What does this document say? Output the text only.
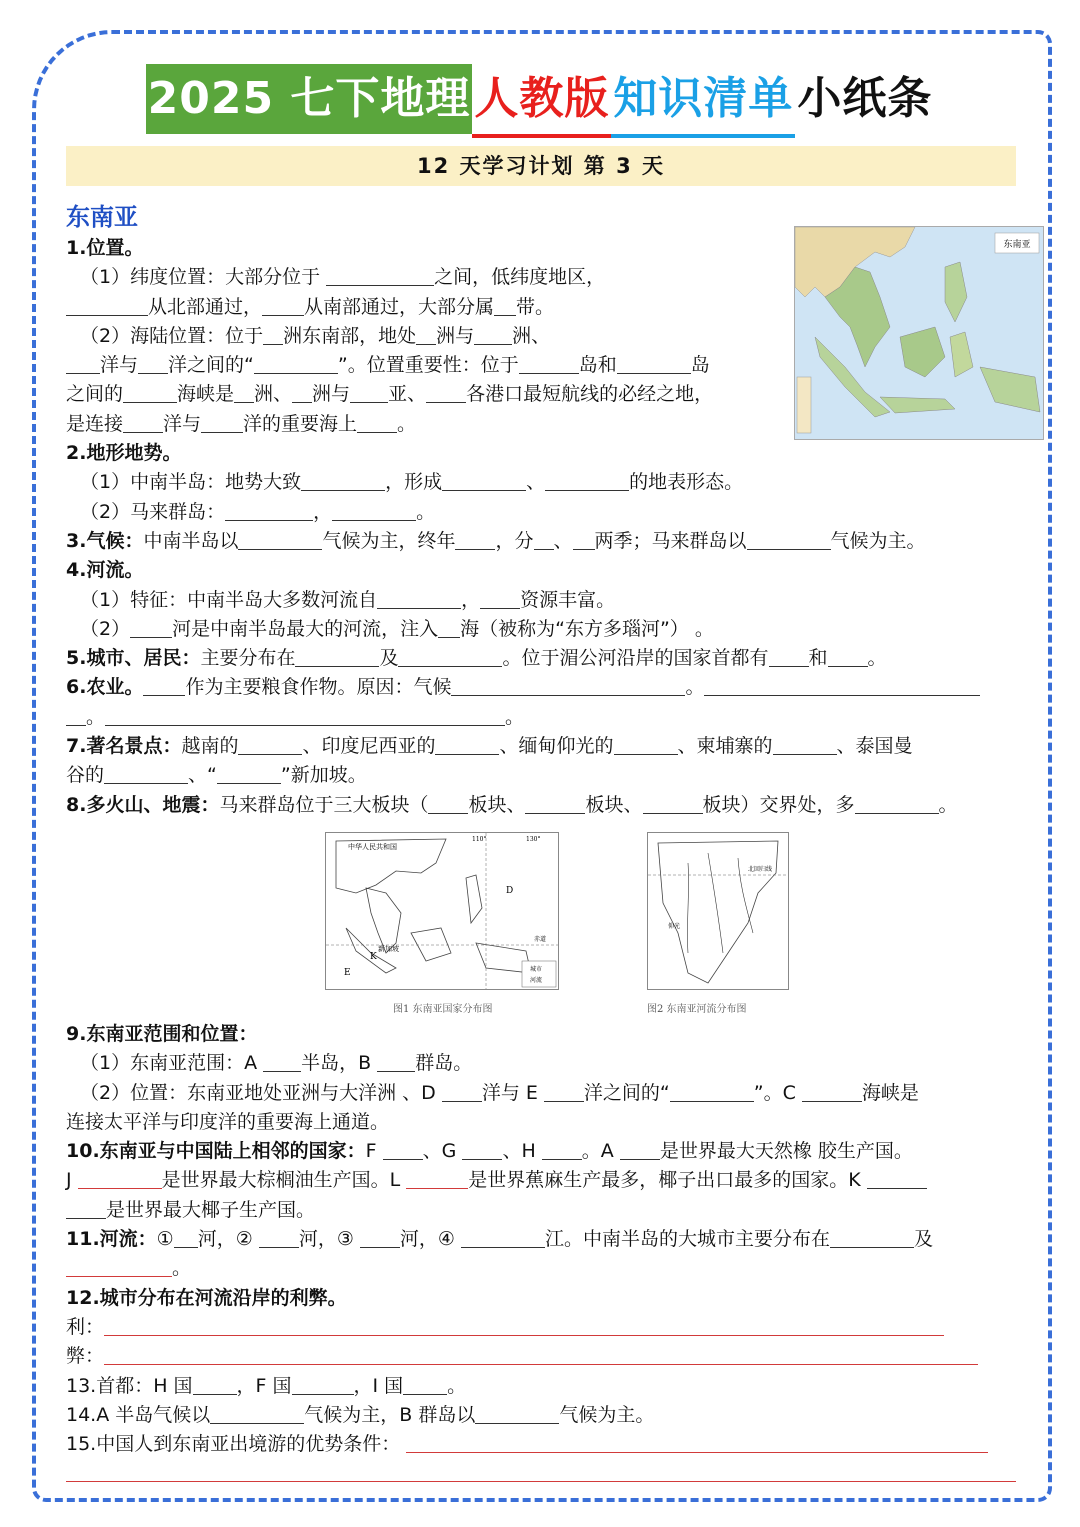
2025 七下地理人教版知识清单小纸条
12 天学习计划 第 3 天
东南亚
东南亚
1.位置。
（1）纬度位置：大部分位于	之间，低纬度地区，
从北部通过， 从南部通过，大部分属 带。
（2）海陆位置：位于 洲东南部，地处 洲与 洲、
洋与 洋之间的“	”。位置重要性：位于	岛和	岛
之间的	海峡是 洲、 洲与 亚、 各港口最短航线的必经之地，
是连接 洋与 洋的重要海上 。
2.地形地势。
（1）中南半岛：地势大致	，形成	、	的地表形态。
（2）马来群岛：	，	。
3.气候：中南半岛以	气候为主，终年 ，分 、 两季；马来群岛以	气候为主。
4.河流。
（1）特征：中南半岛大多数河流自	， 资源丰富。
（2） 河是中南半岛最大的河流，注入 海（被称为“东方多瑙河”） 。
5.城市、居民：主要分布在	及	。位于湄公河沿岸的国家首都有 和 。
6.农业。 作为主要粮食作物。原因：气候	。
。	。
7.著名景点：越南的	、印度尼西亚的	、缅甸仰光的	、柬埔寨的	、泰国曼
谷的	、“	”新加坡。
8.多火山、地震：马来群岛位于三大板块（ 板块、	板块、	板块）交界处，多	。
中华人民共和国
D
新加坡
E
K
城市
河流
赤道
110°	130°
图1 东南亚国家分布图
北回归线
仰光
图2 东南亚河流分布图
9.东南亚范围和位置：
（1）东南亚范围：A 半岛，B 群岛。
（2）位置：东南亚地处亚洲与大洋洲 、D 洋与 E 洋之间的“	”。C	海峡是
连接太平洋与印度洋的重要海上通道。
10.东南亚与中国陆上相邻的国家：F 、G 、H 。A 是世界最大天然橡 胶生产国。
J	是世界最大棕榈油生产国。L	是世界蕉麻生产最多，椰子出口最多的国家。K
是世界最大椰子生产国。
11.河流：① 河，② 河，③ 河，④	江。中南半岛的大城市主要分布在	及
。
12.城市分布在河流沿岸的利弊。
利：
弊：
13.首都：H 国 ，F 国	，I 国 。
14.A 半岛气候以	气候为主，B 群岛以	气候为主。
15.中国人到东南亚出境游的优势条件：
